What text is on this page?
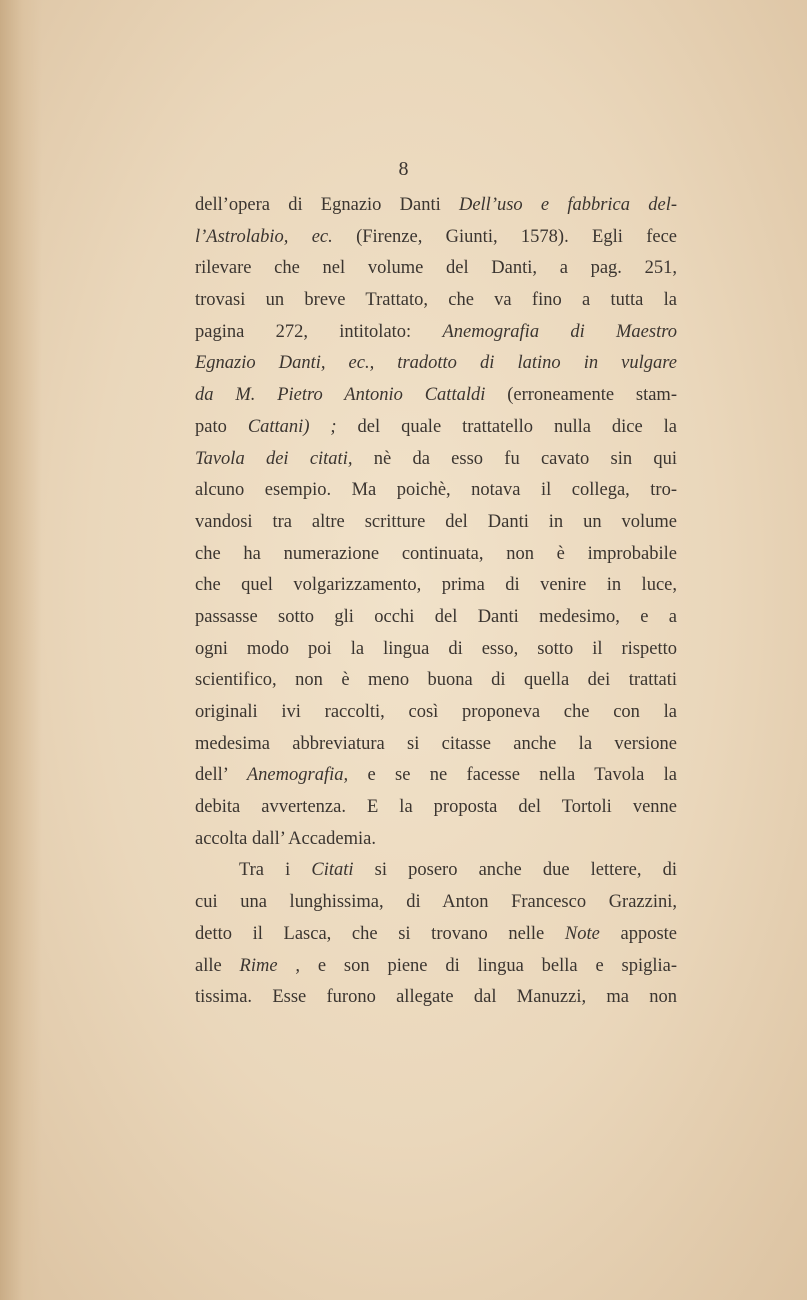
8
dell’opera di Egnazio Danti Dell’uso e fabbrica del-
l’Astrolabio, ec. (Firenze, Giunti, 1578). Egli fece
rilevare che nel volume del Danti, a pag. 251,
trovasi un breve Trattato, che va fino a tutta la
pagina 272, intitolato: Anemografia di Maestro
Egnazio Danti, ec., tradotto di latino in vulgare
da M. Pietro Antonio Cattaldi (erroneamente stam-
pato Cattani) ; del quale trattatello nulla dice la
Tavola dei citati, nè da esso fu cavato sin qui
alcuno esempio. Ma poichè, notava il collega, tro-
vandosi tra altre scritture del Danti in un volume
che ha numerazione continuata, non è improbabile
che quel volgarizzamento, prima di venire in luce,
passasse sotto gli occhi del Danti medesimo, e a
ogni modo poi la lingua di esso, sotto il rispetto
scientifico, non è meno buona di quella dei trattati
originali ivi raccolti, così proponeva che con la
medesima abbreviatura si citasse anche la versione
dell’ Anemografia, e se ne facesse nella Tavola la
debita avvertenza. E la proposta del Tortoli venne
accolta dall’ Accademia.
Tra i Citati si posero anche due lettere, di
cui una lunghissima, di Anton Francesco Grazzini,
detto il Lasca, che si trovano nelle Note apposte
alle Rime , e son piene di lingua bella e spiglia-
tissima. Esse furono allegate dal Manuzzi, ma non
